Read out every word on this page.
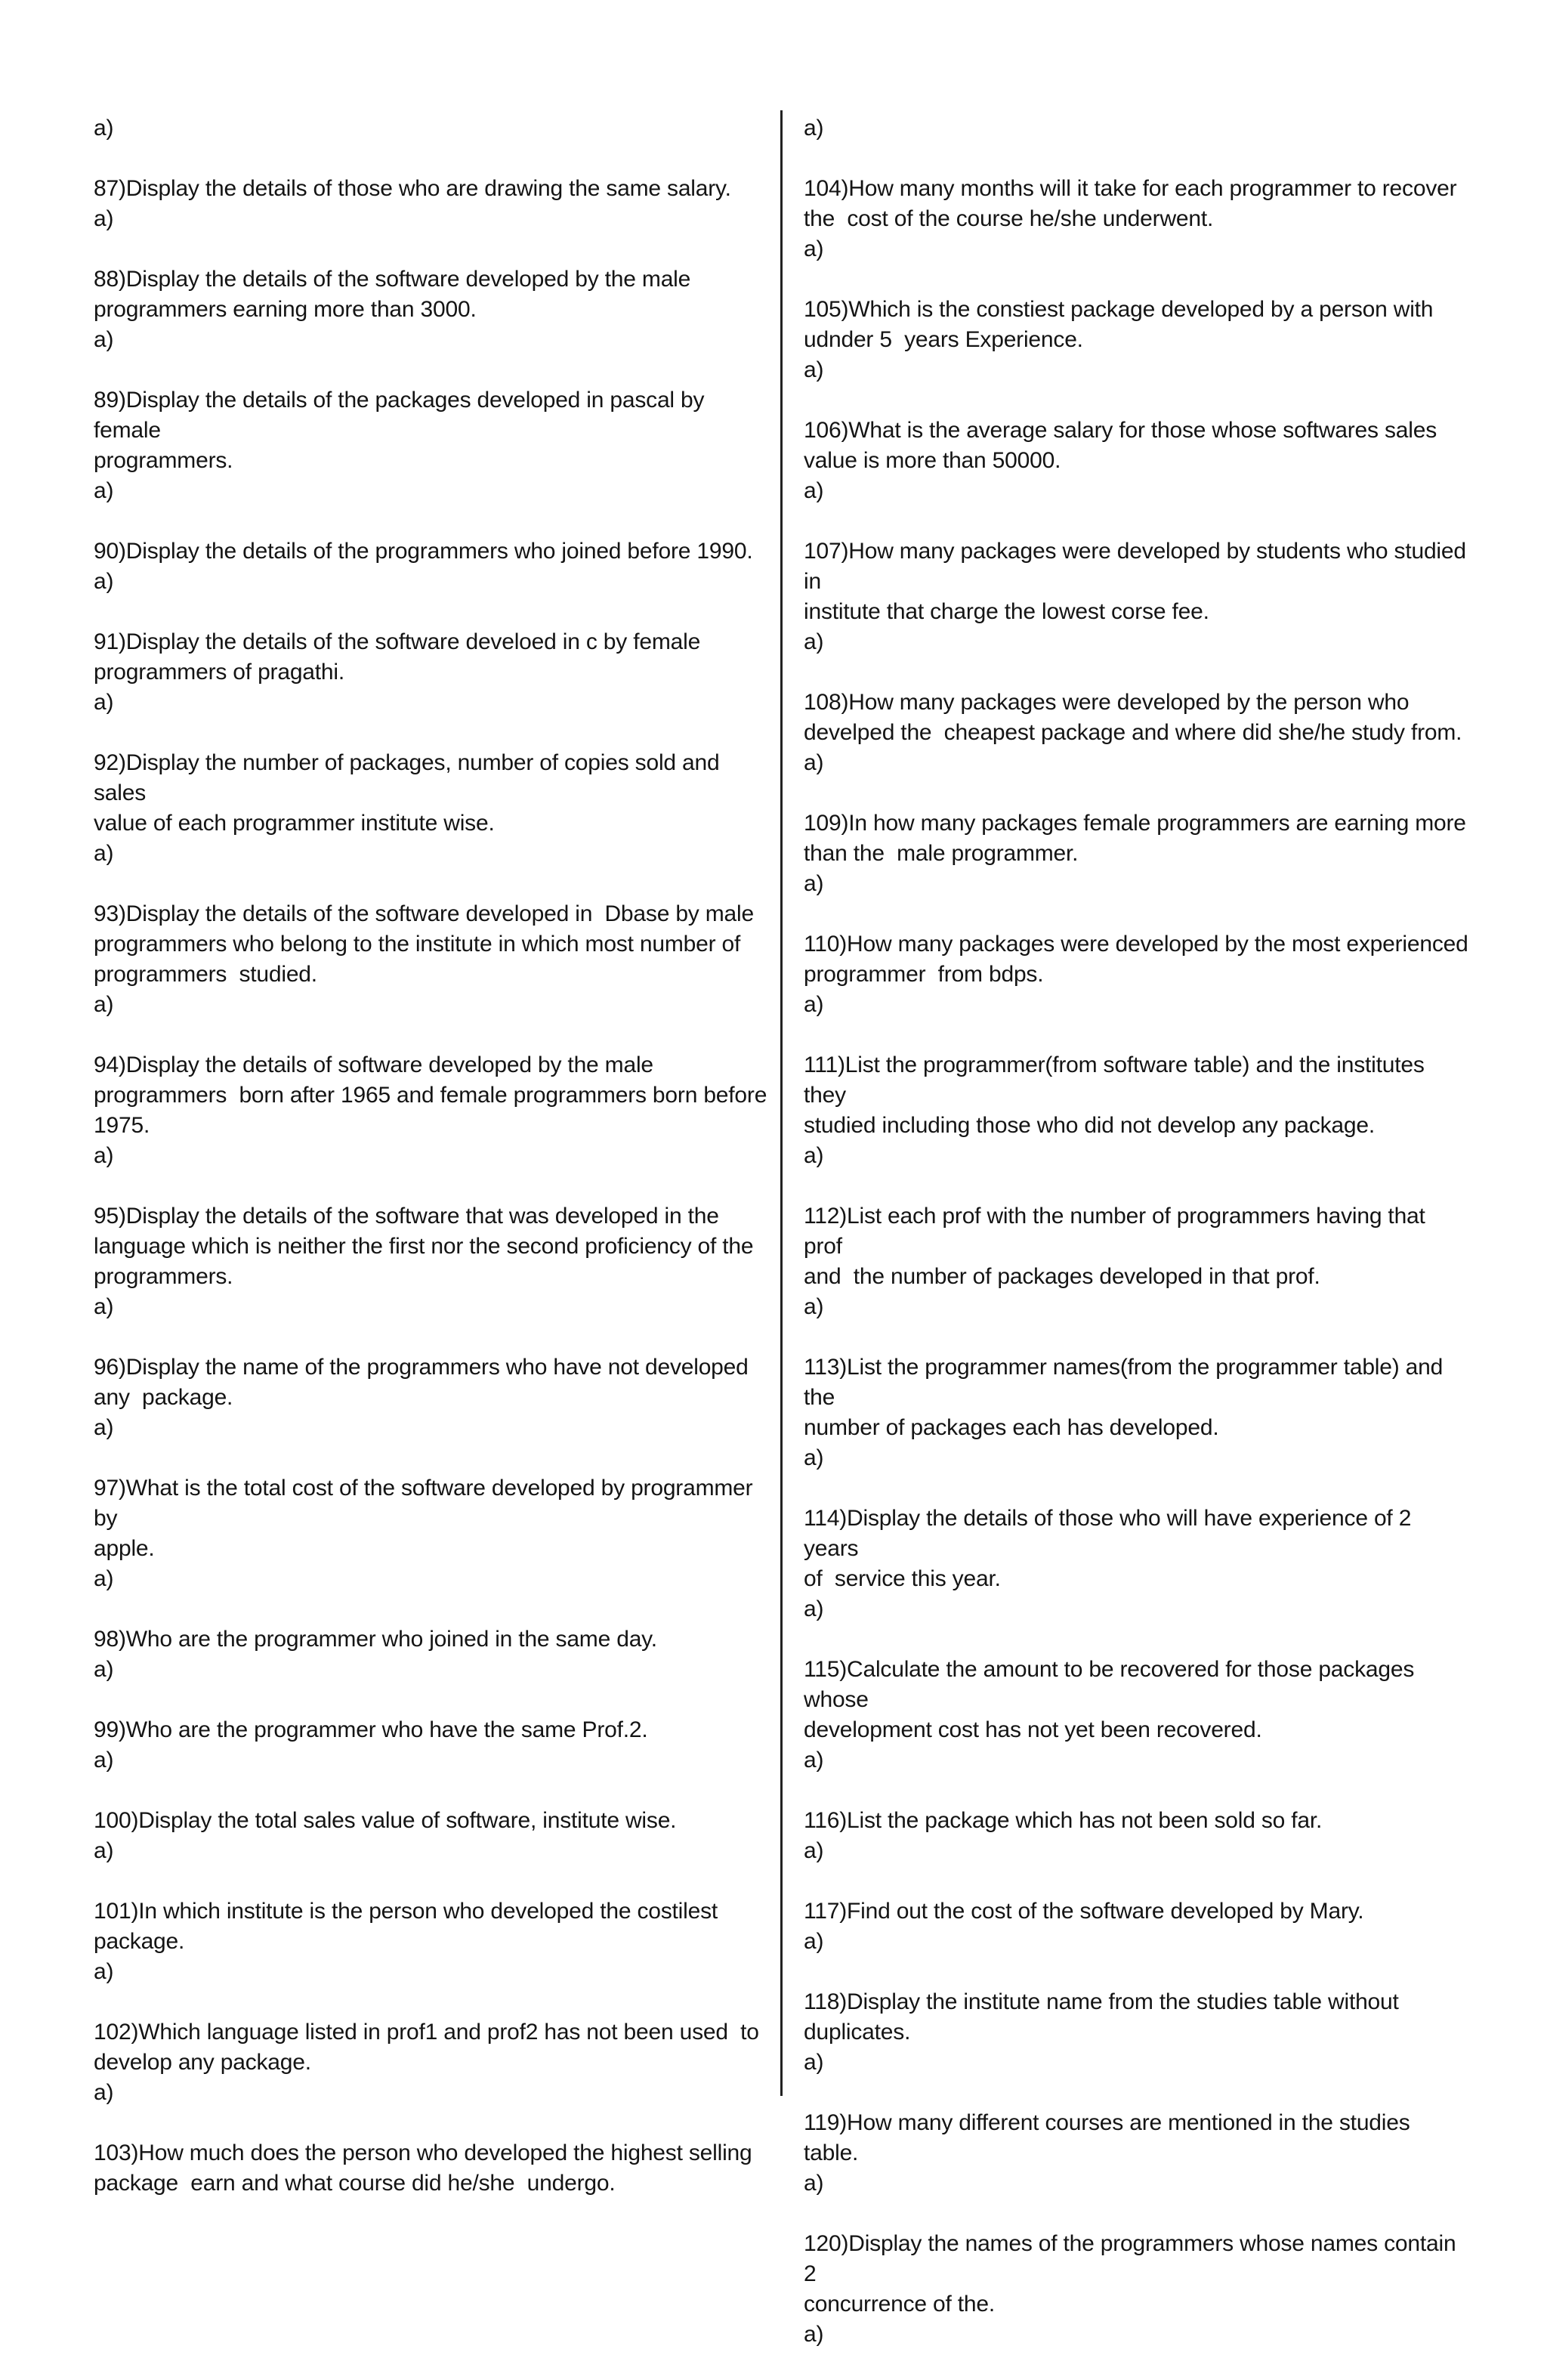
a)
87)Display the details of those who are drawing the same salary.
a)
88)Display the details of the software developed by the male
programmers earning more than 3000.
a)
89)Display the details of the packages developed in pascal by female
programmers.
a)
90)Display the details of the programmers who joined before 1990.
a)
91)Display the details of the software develoed in c by female
programmers of pragathi.
a)
92)Display the number of packages, number of copies sold and sales
value of each programmer institute wise.
a)
93)Display the details of the software developed in  Dbase by male
programmers who belong to the institute in which most number of
programmers  studied.
a)
94)Display the details of software developed by the male
programmers  born after 1965 and female programmers born before
1975.
a)
95)Display the details of the software that was developed in the
language which is neither the first nor the second proficiency of the
programmers.
a)
96)Display the name of the programmers who have not developed
any  package.
a)
97)What is the total cost of the software developed by programmer by
apple.
a)
98)Who are the programmer who joined in the same day.
a)
99)Who are the programmer who have the same Prof.2.
a)
100)Display the total sales value of software, institute wise.
a)
101)In which institute is the person who developed the costilest
package.
a)
102)Which language listed in prof1 and prof2 has not been used  to
develop any package.
a)
103)How much does the person who developed the highest selling
package  earn and what course did he/she  undergo.
a)
104)How many months will it take for each programmer to recover
the  cost of the course he/she underwent.
a)
105)Which is the constiest package developed by a person with
udnder 5  years Experience.
a)
106)What is the average salary for those whose softwares sales
value is more than 50000.
a)
107)How many packages were developed by students who studied in
institute that charge the lowest corse fee.
a)
108)How many packages were developed by the person who
develped the  cheapest package and where did she/he study from.
a)
109)In how many packages female programmers are earning more
than the  male programmer.
a)
110)How many packages were developed by the most experienced
programmer  from bdps.
a)
111)List the programmer(from software table) and the institutes they
studied including those who did not develop any package.
a)
112)List each prof with the number of programmers having that prof
and  the number of packages developed in that prof.
a)
113)List the programmer names(from the programmer table) and the
number of packages each has developed.
a)
114)Display the details of those who will have experience of 2 years
of  service this year.
a)
115)Calculate the amount to be recovered for those packages whose
development cost has not yet been recovered.
a)
116)List the package which has not been sold so far.
a)
117)Find out the cost of the software developed by Mary.
a)
118)Display the institute name from the studies table without
duplicates.
a)
119)How many different courses are mentioned in the studies table.
a)
120)Display the names of the programmers whose names contain 2
concurrence of the.
a)
